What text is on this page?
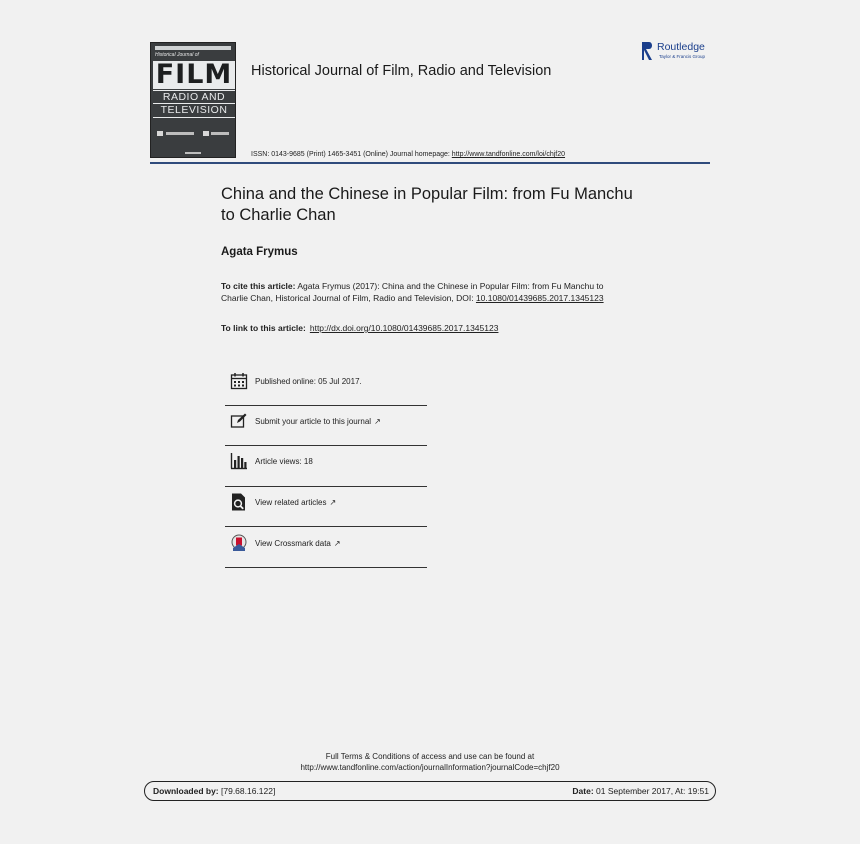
Historical Journal of
FILM
RADIO AND
TELEVISION
Historical Journal of Film, Radio and Television
Routledge
Taylor & Francis Group
ISSN: 0143-9685 (Print) 1465-3451 (Online) Journal homepage: http://www.tandfonline.com/loi/chjf20
China and the Chinese in Popular Film: from Fu Manchu to Charlie Chan
Agata Frymus
To cite this article: Agata Frymus (2017): China and the Chinese in Popular Film: from Fu Manchu to Charlie Chan, Historical Journal of Film, Radio and Television, DOI: 10.1080/01439685.2017.1345123
To link to this article: http://dx.doi.org/10.1080/01439685.2017.1345123
Published online: 05 Jul 2017.
Submit your article to this journal ↗
Article views: 18
View related articles ↗
View Crossmark data ↗
Full Terms & Conditions of access and use can be found at
http://www.tandfonline.com/action/journalInformation?journalCode=chjf20
Downloaded by: [79.68.16.122]	Date: 01 September 2017, At: 19:51
